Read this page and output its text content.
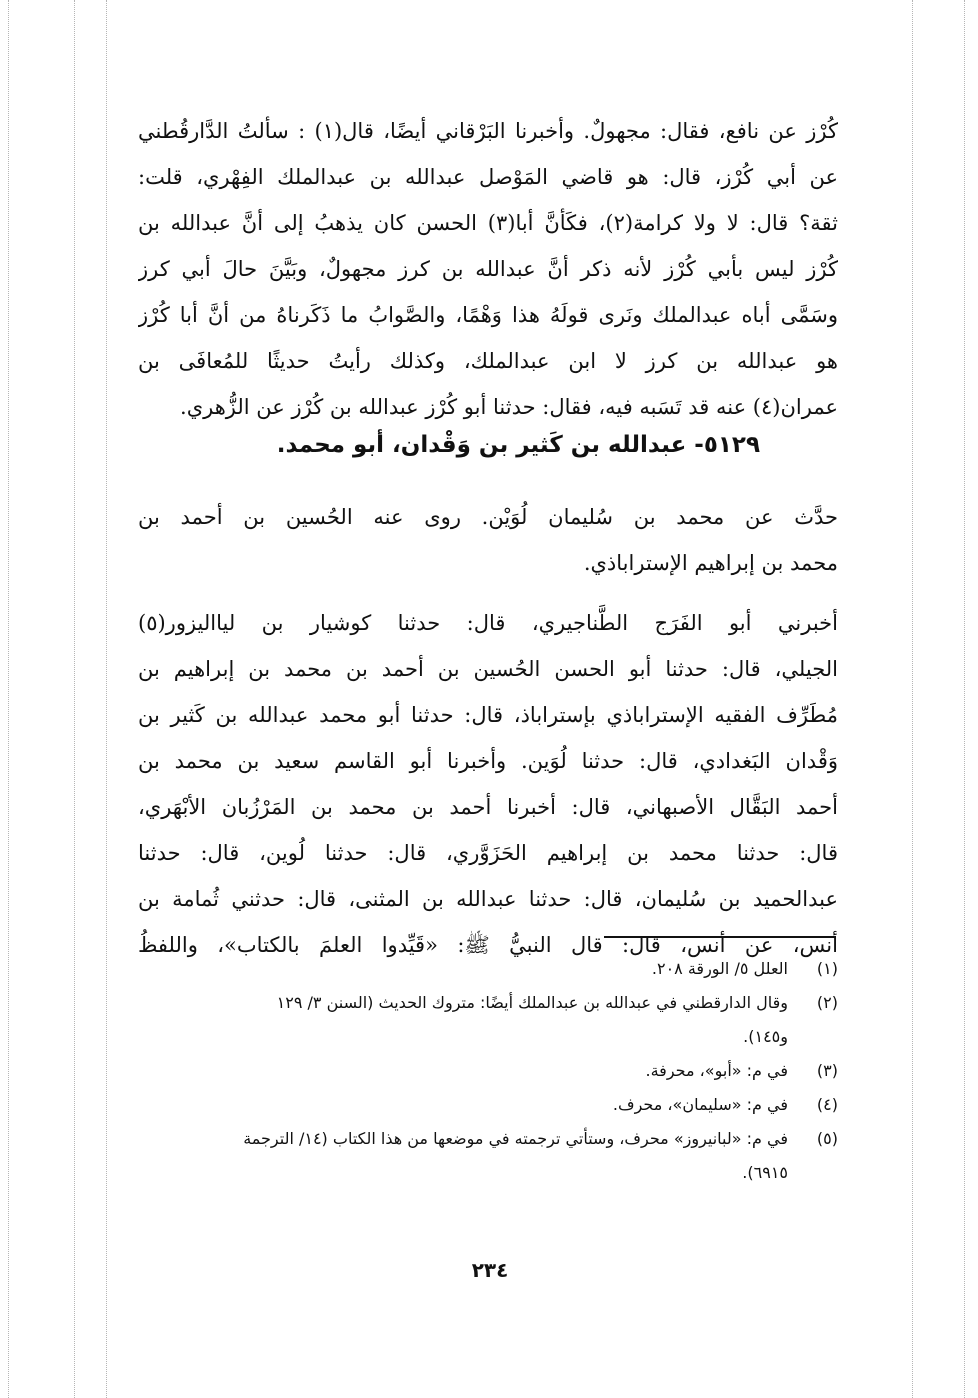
كُرْز عن نافع، فقال: مجهولٌ. وأخبرنا البَرْقاني أيضًا، قال(١) : سألتُ الدَّارقُطني
عن أبي كُرْز، قال: هو قاضي المَوْصل عبدالله بن عبدالملك الفِهْري، قلت:
ثقة؟ قال: لا ولا كرامة(٢)، فكَأنَّ أبا(٣) الحسن كان يذهبُ إلى أنَّ عبدالله بن
كُرْز ليس بأبي كُرْز لأنه ذكر أنَّ عبدالله بن كرز مجهولٌ، وبَيَّنَ حالَ أبي كرز
وسَمَّى أباه عبدالملك ونَرى قولَهُ هذا وَهْمًا، والصَّوابُ ما ذَكَرناهُ من أنَّ أبا كُرْز
هو عبدالله بن كرز لا ابن عبدالملك، وكذلك رأيتُ حديثًا للمُعافَى بن
عمران(٤) عنه قد تَسَبه فيه، فقال: حدثنا أبو كُرْز عبدالله بن كُرْز عن الزُّهري.
٥١٢٩- عبدالله بن كَثير بن وَقْدان، أبو محمد.
حدَّث عن محمد بن سُليمان لُوَيْن. روى عنه الحُسين بن أحمد بن
محمد بن إبراهيم الإستراباذي.
أخبرني أبو الفَرَج الطَّناجيري، قال: حدثنا كوشيار بن ليااليزور(٥)
الجيلي، قال: حدثنا أبو الحسن الحُسين بن أحمد بن محمد بن إبراهيم بن
مُطَرِّف الفقيه الإستراباذي بإستراباذ، قال: حدثنا أبو محمد عبدالله بن كَثير بن
وَقْدان البَغدادي، قال: حدثنا لُوَين. وأخبرنا أبو القاسم سعيد بن محمد بن
أحمد البَقَّال الأصبهاني، قال: أخبرنا أحمد بن محمد بن المَرْزُبان الأبْهَري،
قال: حدثنا محمد بن إبراهيم الحَزَوَّري، قال: حدثنا لُوين، قال: حدثنا
عبدالحميد بن سُليمان، قال: حدثنا عبدالله بن المثنى، قال: حدثني ثُمامة بن
أنس، عن أنس، قال: قال النبيُّ ﷺ: «قَيِّدوا العلمَ بالكتاب»، واللفظُ
(١)
العلل ٥/ الورقة ٢٠٨.
(٢)
وقال الدارقطني في عبدالله بن عبدالملك أيضًا: متروك الحديث (السنن ٣/ ١٢٩
و١٤٥).
(٣)
في م: «أبو»، محرفة.
(٤)
في م: «سليمان»، محرف.
(٥)
في م: «لبانيروز» محرف، وستأتي ترجمته في موضعها من هذا الكتاب (١٤/ الترجمة
٦٩١٥).
٢٣٤
